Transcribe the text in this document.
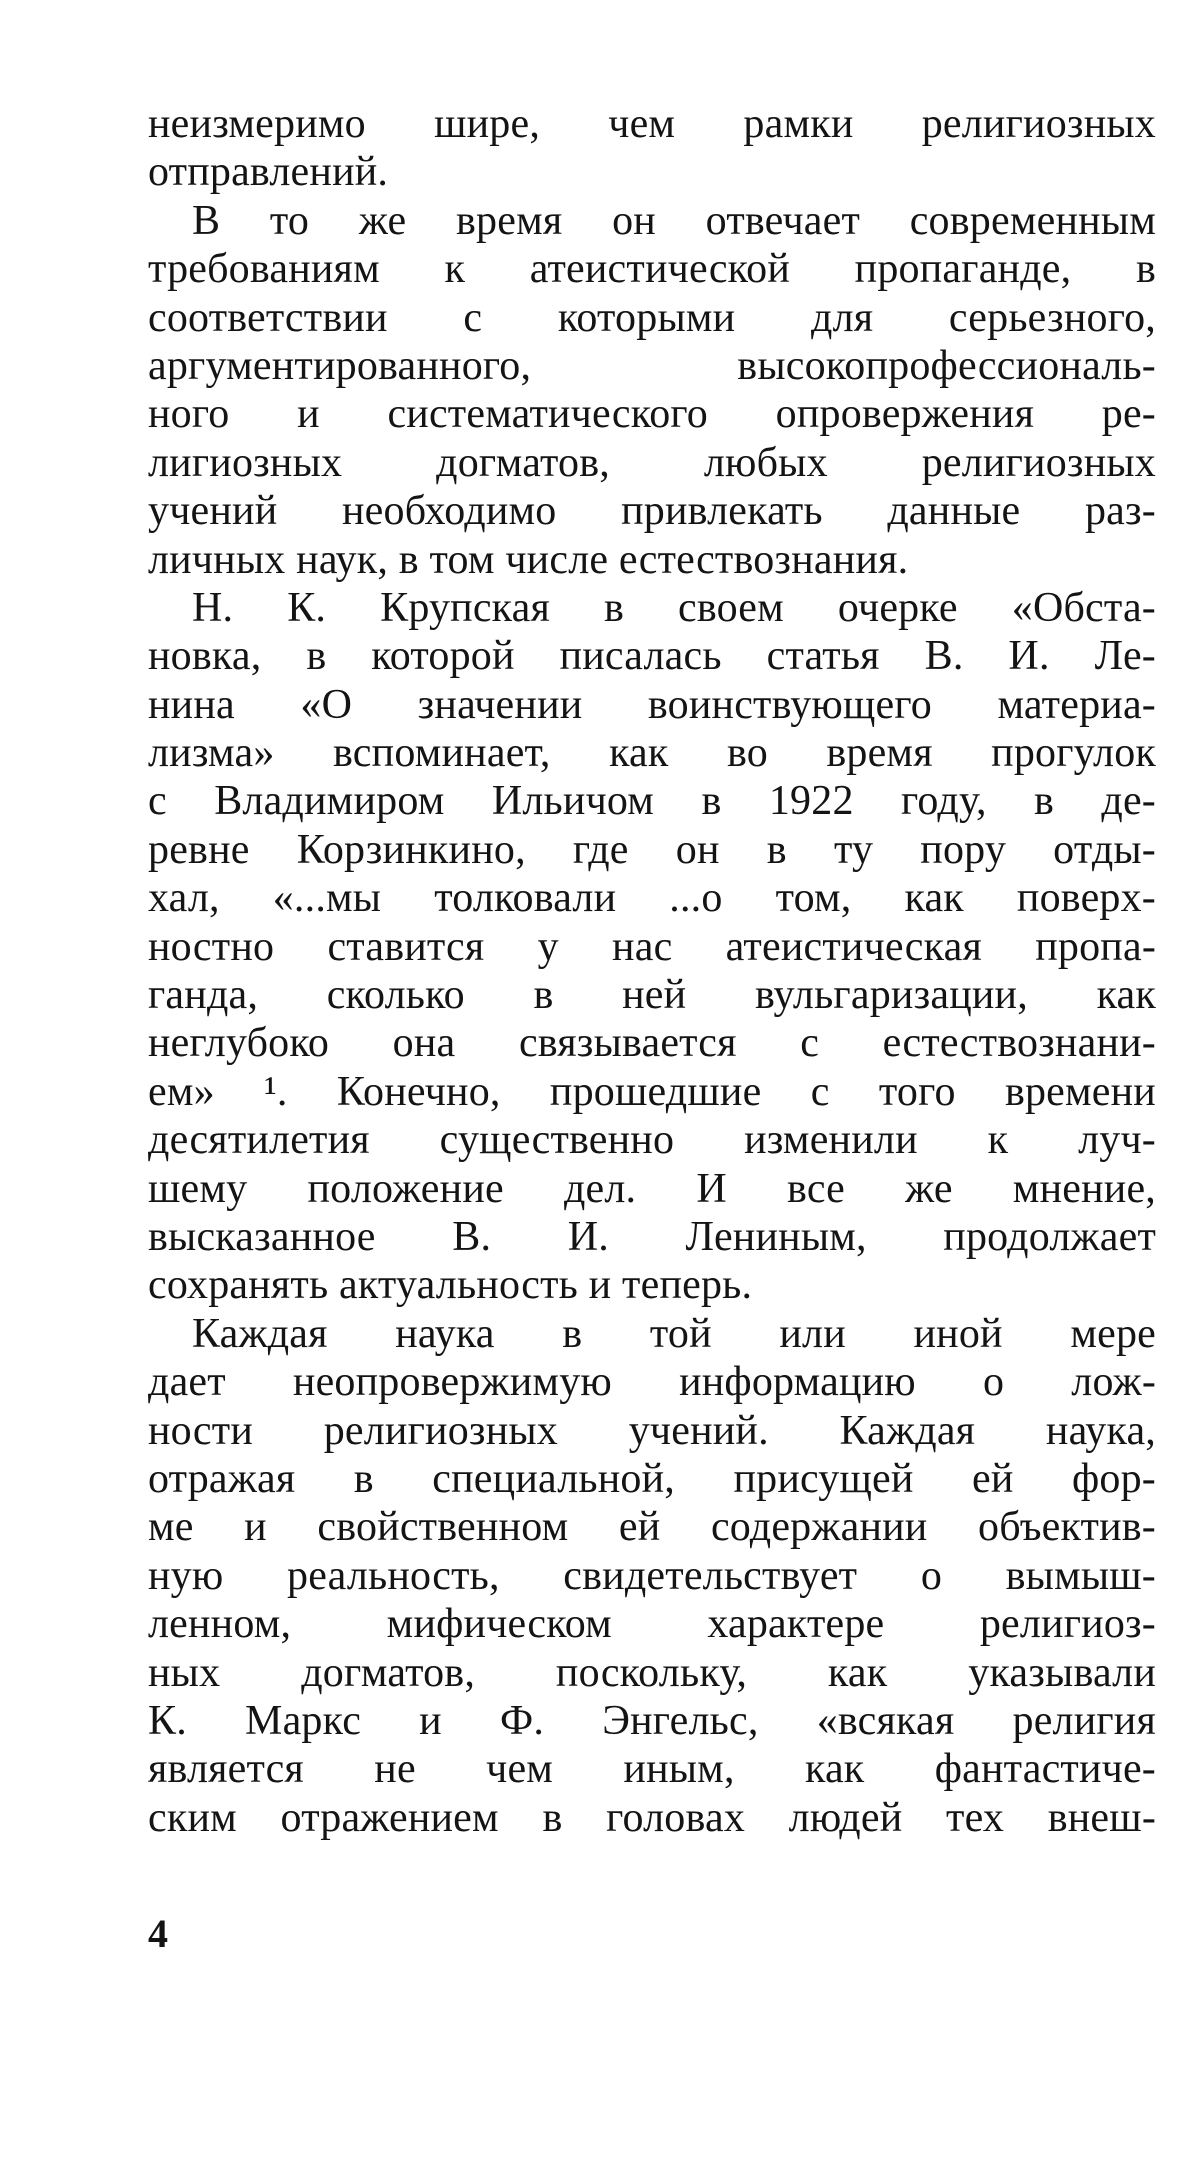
неизмеримо шире, чем рамки религиозных
отправлений.
В то же время он отвечает современным
требованиям к атеистической пропаганде, в
соответствии с которыми для серьезного,
аргументированного, высокопрофессиональ-
ного и систематического опровержения ре-
лигиозных догматов, любых религиозных
учений необходимо привлекать данные раз-
личных наук, в том числе естествознания.
Н. К. Крупская в своем очерке «Обста-
новка, в которой писалась статья В. И. Ле-
нина «О значении воинствующего материа-
лизма» вспоминает, как во время прогулок
с Владимиром Ильичом в 1922 году, в де-
ревне Корзинкино, где он в ту пору отды-
хал, «...мы толковали ...о том, как поверх-
ностно ставится у нас атеистическая пропа-
ганда, сколько в ней вульгаризации, как
неглубоко она связывается с естествознани-
ем» ¹. Конечно, прошедшие с того времени
десятилетия существенно изменили к луч-
шему положение дел. И все же мнение,
высказанное В. И. Лениным, продолжает
сохранять актуальность и теперь.
Каждая наука в той или иной мере
дает неопровержимую информацию о лож-
ности религиозных учений. Каждая наука,
отражая в специальной, присущей ей фор-
ме и свойственном ей содержании объектив-
ную реальность, свидетельствует о вымыш-
ленном, мифическом характере религиоз-
ных догматов, поскольку, как указывали
К. Маркс и Ф. Энгельс, «всякая религия
является не чем иным, как фантастиче-
ским отражением в головах людей тех внеш-
4
